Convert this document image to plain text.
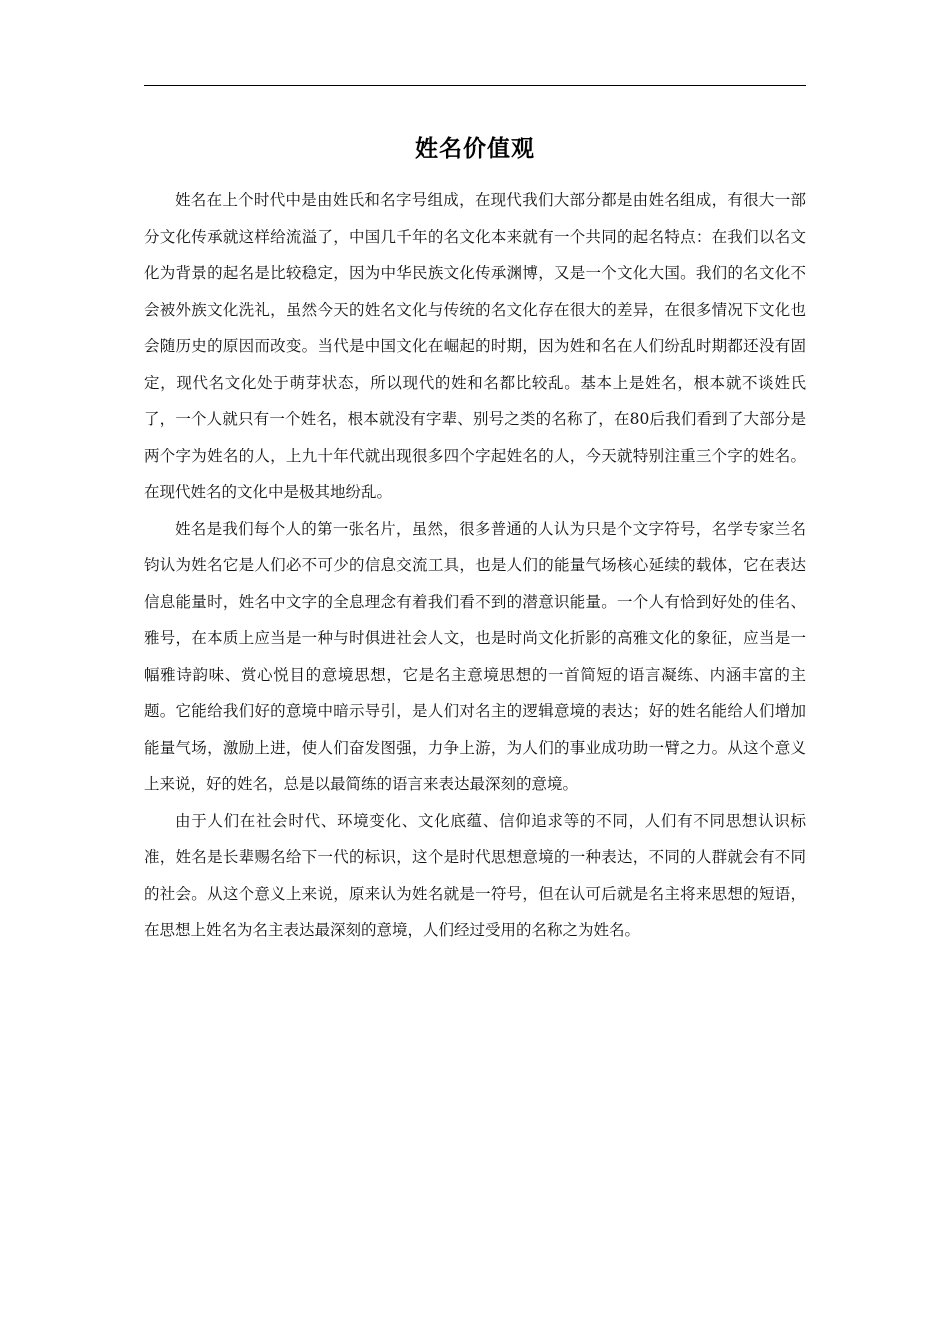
姓名价值观

姓名在上个时代中是由姓氏和名字号组成，在现代我们大部分都是由姓名组成，有很大一部分文化传承就这样给流溢了，中国几千年的名文化本来就有一个共同的起名特点：在我们以名文化为背景的起名是比较稳定，因为中华民族文化传承渊博，又是一个文化大国。我们的名文化不会被外族文化洗礼，虽然今天的姓名文化与传统的名文化存在很大的差异，在很多情况下文化也会随历史的原因而改变。当代是中国文化在崛起的时期，因为姓和名在人们纷乱时期都还没有固定，现代名文化处于萌芽状态，所以现代的姓和名都比较乱。基本上是姓名，根本就不谈姓氏了，一个人就只有一个姓名，根本就没有字辈、别号之类的名称了，在80后我们看到了大部分是两个字为姓名的人，上九十年代就出现很多四个字起姓名的人，今天就特别注重三个字的姓名。在现代姓名的文化中是极其地纷乱。

姓名是我们每个人的第一张名片，虽然，很多普通的人认为只是个文字符号，名学专家兰名钧认为姓名它是人们必不可少的信息交流工具，也是人们的能量气场核心延续的载体，它在表达信息能量时，姓名中文字的全息理念有着我们看不到的潜意识能量。一个人有恰到好处的佳名、雅号，在本质上应当是一种与时俱进社会人文，也是时尚文化折影的高雅文化的象征，应当是一幅雅诗韵味、赏心悦目的意境思想，它是名主意境思想的一首简短的语言凝练、内涵丰富的主题。它能给我们好的意境中暗示导引，是人们对名主的逻辑意境的表达；好的姓名能给人们增加能量气场，激励上进，使人们奋发图强，力争上游，为人们的事业成功助一臂之力。从这个意义上来说，好的姓名，总是以最简练的语言来表达最深刻的意境。

由于人们在社会时代、环境变化、文化底蕴、信仰追求等的不同，人们有不同思想认识标准，姓名是长辈赐名给下一代的标识，这个是时代思想意境的一种表达，不同的人群就会有不同的社会。从这个意义上来说，原来认为姓名就是一符号，但在认可后就是名主将来思想的短语，在思想上姓名为名主表达最深刻的意境，人们经过受用的名称之为姓名。
